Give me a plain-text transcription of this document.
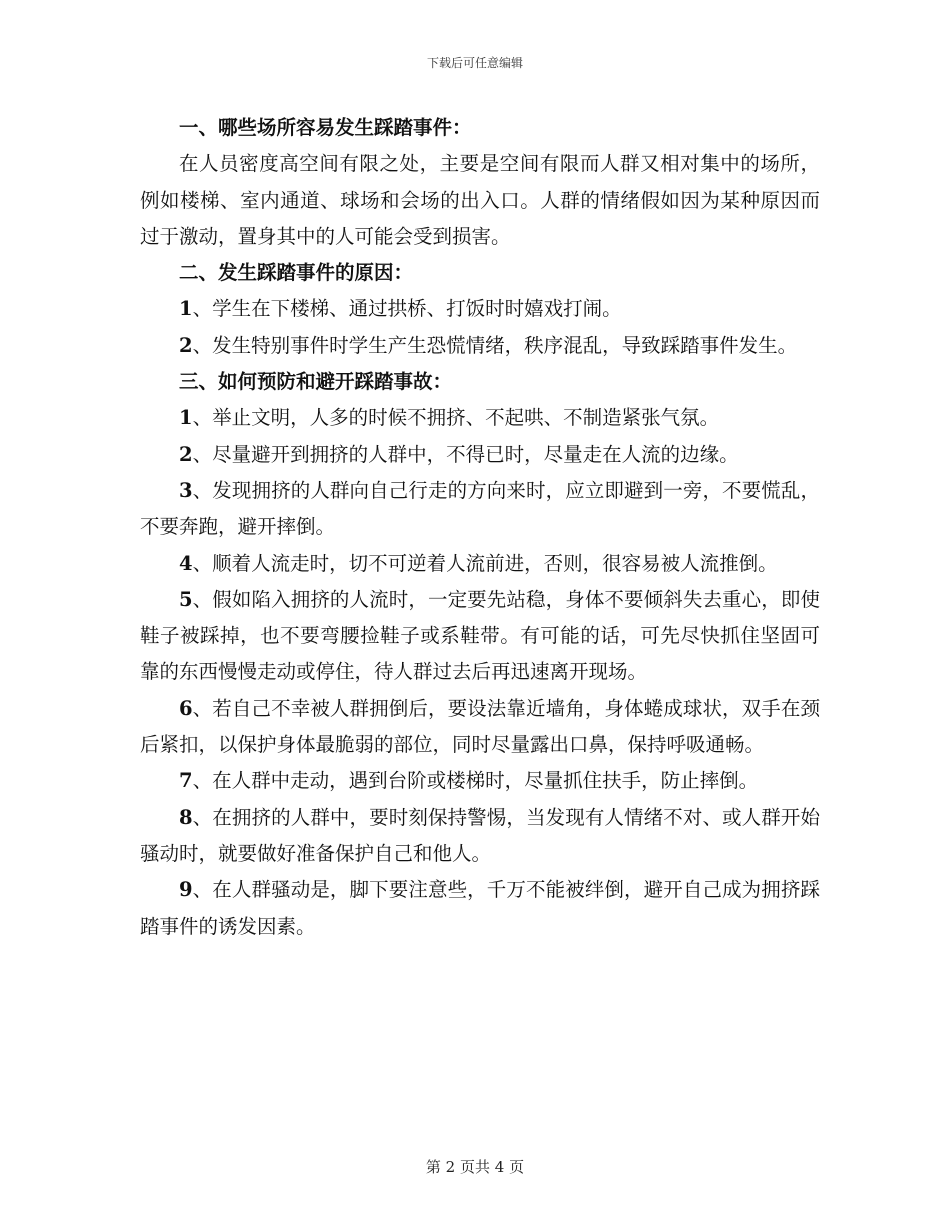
下载后可任意编辑

一、哪些场所容易发生踩踏事件：

在人员密度高空间有限之处，主要是空间有限而人群又相对集中的场所，例如楼梯、室内通道、球场和会场的出入口。人群的情绪假如因为某种原因而过于激动，置身其中的人可能会受到损害。

二、发生踩踏事件的原因：

1、学生在下楼梯、通过拱桥、打饭时时嬉戏打闹。

2、发生特别事件时学生产生恐慌情绪，秩序混乱，导致踩踏事件发生。

三、如何预防和避开踩踏事故：

1、举止文明，人多的时候不拥挤、不起哄、不制造紧张气氛。

2、尽量避开到拥挤的人群中，不得已时，尽量走在人流的边缘。

3、发现拥挤的人群向自己行走的方向来时，应立即避到一旁，不要慌乱，不要奔跑，避开摔倒。

4、顺着人流走时，切不可逆着人流前进，否则，很容易被人流推倒。

5、假如陷入拥挤的人流时，一定要先站稳，身体不要倾斜失去重心，即使鞋子被踩掉，也不要弯腰捡鞋子或系鞋带。有可能的话，可先尽快抓住坚固可靠的东西慢慢走动或停住，待人群过去后再迅速离开现场。

6、若自己不幸被人群拥倒后，要设法靠近墙角，身体蜷成球状，双手在颈后紧扣，以保护身体最脆弱的部位，同时尽量露出口鼻，保持呼吸通畅。

7、在人群中走动，遇到台阶或楼梯时，尽量抓住扶手，防止摔倒。

8、在拥挤的人群中，要时刻保持警惕，当发现有人情绪不对、或人群开始骚动时，就要做好准备保护自己和他人。

9、在人群骚动是，脚下要注意些，千万不能被绊倒，避开自己成为拥挤踩踏事件的诱发因素。

第 2 页共 4 页
